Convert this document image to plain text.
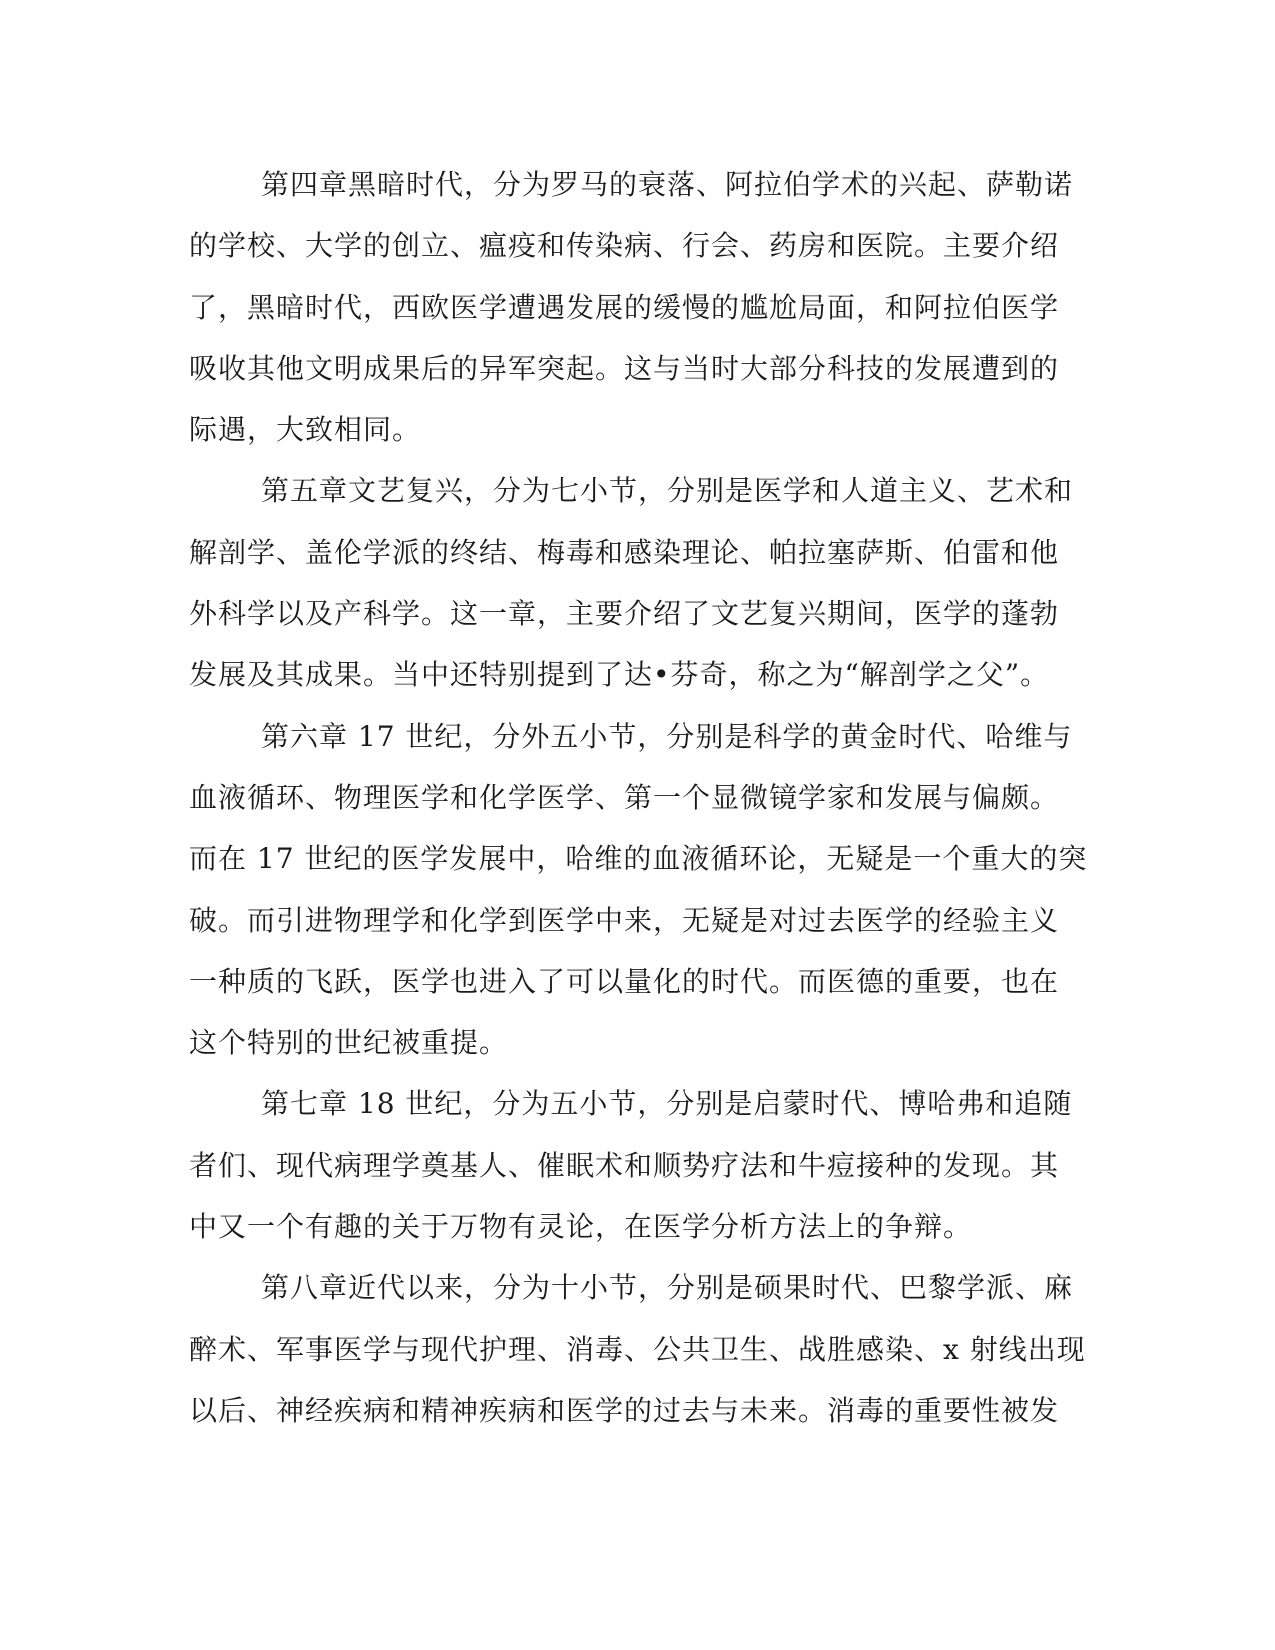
第四章黑暗时代，分为罗马的衰落、阿拉伯学术的兴起、萨勒诺
的学校、大学的创立、瘟疫和传染病、行会、药房和医院。主要介绍
了，黑暗时代，西欧医学遭遇发展的缓慢的尴尬局面，和阿拉伯医学
吸收其他文明成果后的异军突起。这与当时大部分科技的发展遭到的
际遇，大致相同。

第五章文艺复兴，分为七小节，分别是医学和人道主义、艺术和
解剖学、盖伦学派的终结、梅毒和感染理论、帕拉塞萨斯、伯雷和他
外科学以及产科学。这一章，主要介绍了文艺复兴期间，医学的蓬勃
发展及其成果。当中还特别提到了达•芬奇，称之为“解剖学之父”。

第六章 17 世纪，分外五小节，分别是科学的黄金时代、哈维与
血液循环、物理医学和化学医学、第一个显微镜学家和发展与偏颇。
而在 17 世纪的医学发展中，哈维的血液循环论，无疑是一个重大的突
破。而引进物理学和化学到医学中来，无疑是对过去医学的经验主义
一种质的飞跃，医学也进入了可以量化的时代。而医德的重要，也在
这个特别的世纪被重提。

第七章 18 世纪，分为五小节，分别是启蒙时代、博哈弗和追随
者们、现代病理学奠基人、催眠术和顺势疗法和牛痘接种的发现。其
中又一个有趣的关于万物有灵论，在医学分析方法上的争辩。

第八章近代以来，分为十小节，分别是硕果时代、巴黎学派、麻
醉术、军事医学与现代护理、消毒、公共卫生、战胜感染、x 射线出现
以后、神经疾病和精神疾病和医学的过去与未来。消毒的重要性被发
